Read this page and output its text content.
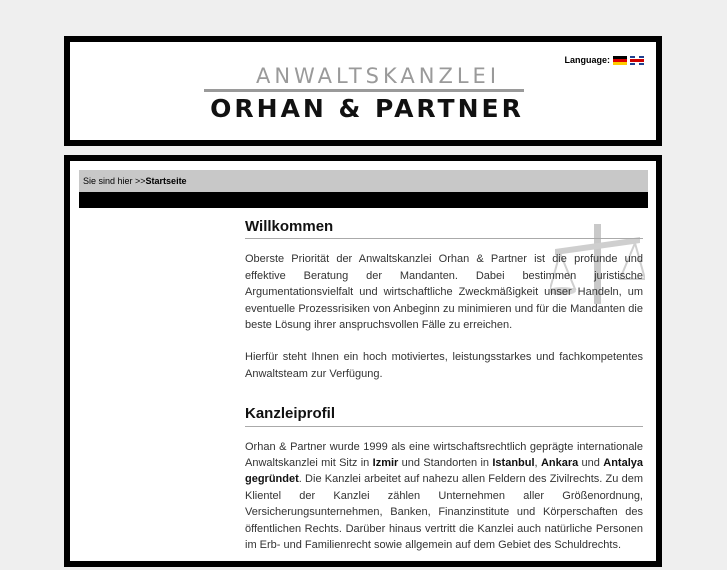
Language:
ANWALTSKANZLEI
ORHAN & PARTNER
Sie sind hier >>Startseite
Willkommen

Oberste Priorität der Anwaltskanzlei Orhan & Partner ist die profunde und effektive Beratung der Mandanten. Dabei bestimmen juristische Argumentationsvielfalt und wirtschaftliche Zweckmäßigkeit unser Handeln, um eventuelle Prozessrisiken von Anbeginn zu minimieren und für die Mandanten die beste Lösung ihrer anspruchsvollen Fälle zu erreichen.

Hierfür steht Ihnen ein hoch motiviertes, leistungsstarkes und fachkompetentes Anwaltsteam zur Verfügung.

Kanzleiprofil

Orhan & Partner wurde 1999 als eine wirtschaftsrechtlich geprägte internationale Anwaltskanzlei mit Sitz in Izmir und Standorten in Istanbul, Ankara und Antalya gegründet. Die Kanzlei arbeitet auf nahezu allen Feldern des Zivilrechts. Zu dem Klientel der Kanzlei zählen Unternehmen aller Größenordnung, Versicherungsunternehmen, Banken, Finanzinstitute und Körperschaften des öffentlichen Rechts. Darüber hinaus vertritt die Kanzlei auch natürliche Personen im Erb- und Familienrecht sowie allgemein auf dem Gebiet des Schuldrechts.
